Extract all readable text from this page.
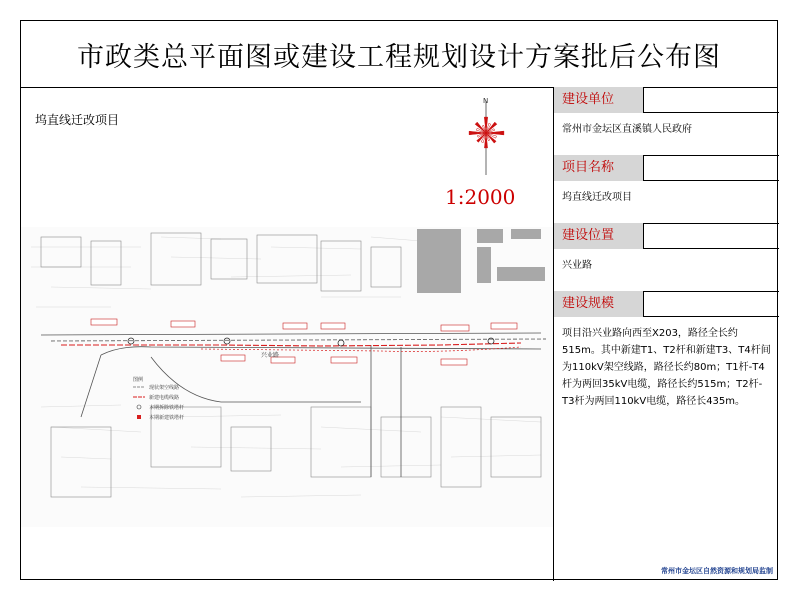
市政类总平面图或建设工程规划设计方案批后公布图
坞直线迁改项目
N
1:2000
兴业路
图例
现状架空线路
新建电缆线路
本期拆除铁塔杆
本期新建铁塔杆
建设单位
常州市金坛区直溪镇人民政府
项目名称
坞直线迁改项目
建设位置
兴业路
建设规模
项目沿兴业路向西至X203，路径全长约515m。其中新建T1、T2杆和新建T3、T4杆间为110kV架空线路，路径长约80m；T1杆-T4杆为两回35kV电缆，路径长约515m；T2杆-T3杆为两回110kV电缆，路径长435m。
常州市金坛区自然资源和规划局监制
